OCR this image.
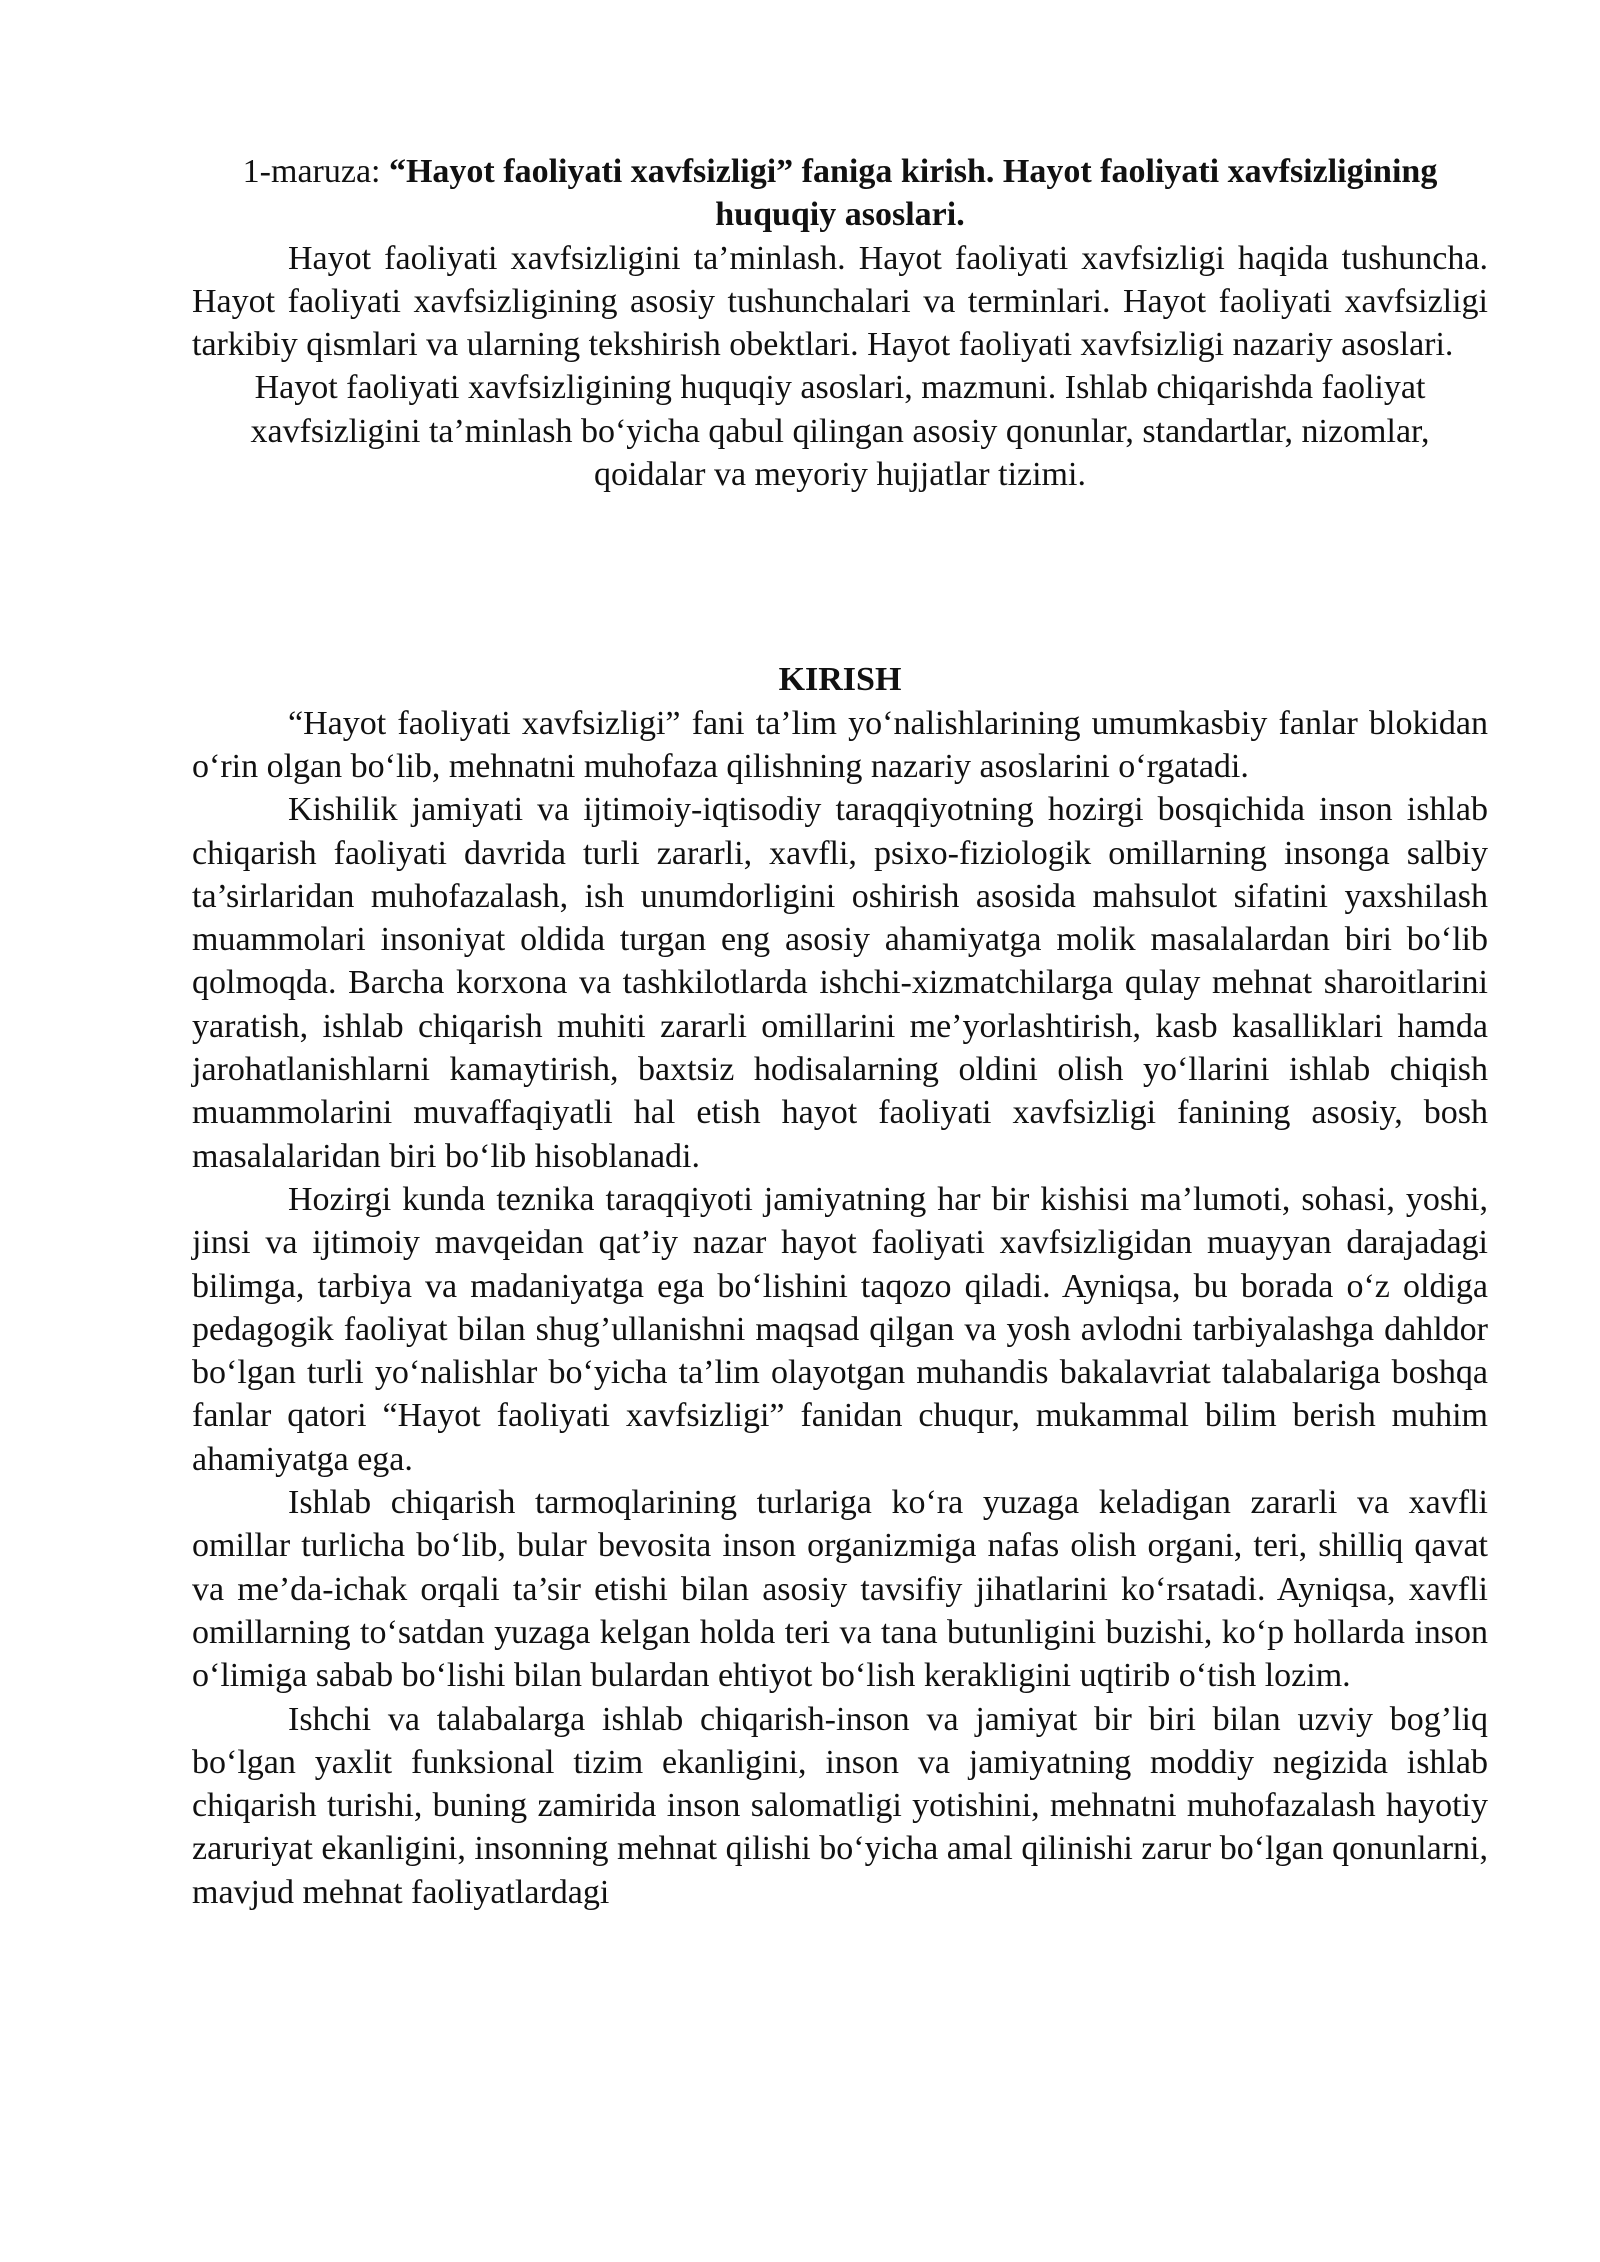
1-maruza: “Hayot faoliyati xavfsizligi” faniga kirish. Hayot faoliyati xavfsizligining huquqiy asoslari.

Hayot faoliyati xavfsizligini ta’minlash. Hayot faoliyati xavfsizligi haqida tushuncha. Hayot faoliyati xavfsizligining asosiy tushunchalari va terminlari. Hayot faoliyati xavfsizligi tarkibiy qismlari va ularning tekshirish obektlari. Hayot faoliyati xavfsizligi nazariy asoslari.

Hayot faoliyati xavfsizligining huquqiy asoslari, mazmuni. Ishlab chiqarishda faoliyat xavfsizligini ta’minlash bo‘yicha qabul qilingan asosiy qonunlar, standartlar, nizomlar, qoidalar va meyoriy hujjatlar tizimi.

KIRISH

“Hayot faoliyati xavfsizligi” fani ta’lim yo‘nalishlarining umumkasbiy fanlar blokidan o‘rin olgan bo‘lib, mehnatni muhofaza qilishning nazariy asoslarini o‘rgatadi.

Kishilik jamiyati va ijtimoiy-iqtisodiy taraqqiyotning hozirgi bosqichida inson ishlab chiqarish faoliyati davrida turli zararli, xavfli, psixo-fiziologik omillarning insonga salbiy ta’sirlaridan muhofazalash, ish unumdorligini oshirish asosida mahsulot sifatini yaxshilash muammolari insoniyat oldida turgan eng asosiy ahamiyatga molik masalalardan biri bo‘lib qolmoqda. Barcha korxona va tashkilotlarda ishchi-xizmatchilarga qulay mehnat sharoitlarini yaratish, ishlab chiqarish muhiti zararli omillarini me’yorlashtirish, kasb kasalliklari hamda jarohatlanishlarni kamaytirish, baxtsiz hodisalarning oldini olish yo‘llarini ishlab chiqish muammolarini muvaffaqiyatli hal etish hayot faoliyati xavfsizligi fanining asosiy, bosh masalalaridan biri bo‘lib hisoblanadi.

Hozirgi kunda teznika taraqqiyoti jamiyatning har bir kishisi ma’lumoti, sohasi, yoshi, jinsi va ijtimoiy mavqeidan qat’iy nazar hayot faoliyati xavfsizligidan muayyan darajadagi bilimga, tarbiya va madaniyatga ega bo‘lishini taqozo qiladi. Ayniqsa, bu borada o‘z oldiga pedagogik faoliyat bilan shug’ullanishni maqsad qilgan va yosh avlodni tarbiyalashga dahldor bo‘lgan turli yo‘nalishlar bo‘yicha ta’lim olayotgan muhandis bakalavriat talabalariga boshqa fanlar qatori “Hayot faoliyati xavfsizligi” fanidan chuqur, mukammal bilim berish muhim ahamiyatga ega.

Ishlab chiqarish tarmoqlarining turlariga ko‘ra yuzaga keladigan zararli va xavfli omillar turlicha bo‘lib, bular bevosita inson organizmiga nafas olish organi, teri, shilliq qavat va me’da-ichak orqali ta’sir etishi bilan asosiy tavsifiy jihatlarini ko‘rsatadi. Ayniqsa, xavfli omillarning to‘satdan yuzaga kelgan holda teri va tana butunligini buzishi, ko‘p hollarda inson o‘limiga sabab bo‘lishi bilan bulardan ehtiyot bo‘lish kerakligini uqtirib o‘tish lozim.

Ishchi va talabalarga ishlab chiqarish-inson va jamiyat bir biri bilan uzviy bog’liq bo‘lgan yaxlit funksional tizim ekanligini, inson va jamiyatning moddiy negizida ishlab chiqarish turishi, buning zamirida inson salomatligi yotishini, mehnatni muhofazalash hayotiy zaruriyat ekanligini, insonning mehnat qilishi bo‘yicha amal qilinishi zarur bo‘lgan qonunlarni, mavjud mehnat faoliyatlardagi
